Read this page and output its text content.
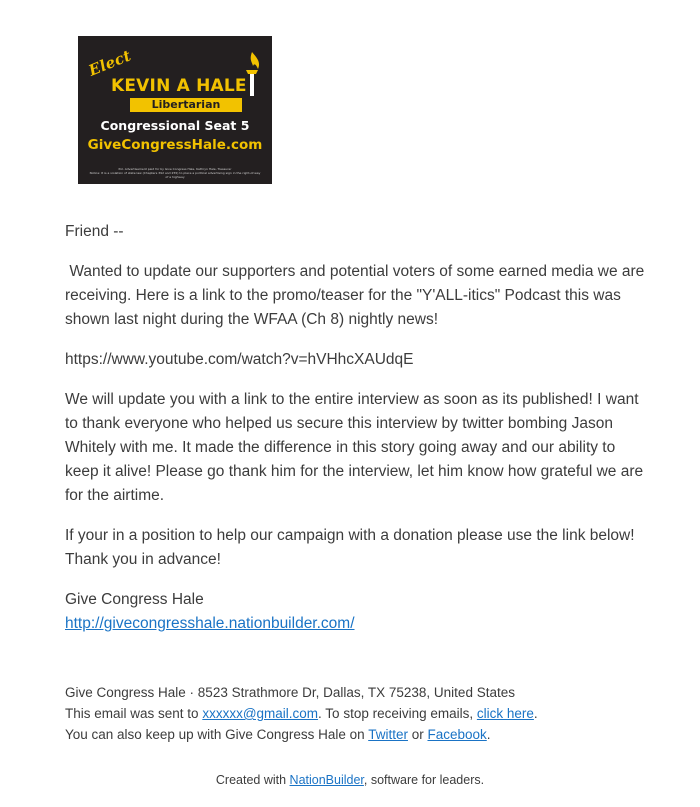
Elect
KEVIN A HALE
Libertarian
Congressional Seat 5
GiveCongressHale.com
Pol. Advertisement paid for by Give Congress Hale, Kathryn Hale, Treasurer
Notice: It is a violation of state law (Chapters 392 and 255) to place a political advertising sign in the right-of-way of a highway

Friend --

Wanted to update our supporters and potential voters of some earned media we are receiving. Here is a link to the promo/teaser for the "Y'ALL-itics" Podcast this was shown last night during the WFAA (Ch 8) nightly news!

https://www.youtube.com/watch?v=hVHhcXAUdqE

We will update you with a link to the entire interview as soon as its published! I want to thank everyone who helped us secure this interview by twitter bombing Jason Whitely with me. It made the difference in this story going away and our ability to keep it alive! Please go thank him for the interview, let him know how grateful we are for the airtime.

If your in a position to help our campaign with a donation please use the link below! Thank you in advance!

Give Congress Hale
http://givecongresshale.nationbuilder.com/

Give Congress Hale · 8523 Strathmore Dr, Dallas, TX 75238, United States
This email was sent to xxxxxx@gmail.com. To stop receiving emails, click here.
You can also keep up with Give Congress Hale on Twitter or Facebook.
Created with NationBuilder, software for leaders.
